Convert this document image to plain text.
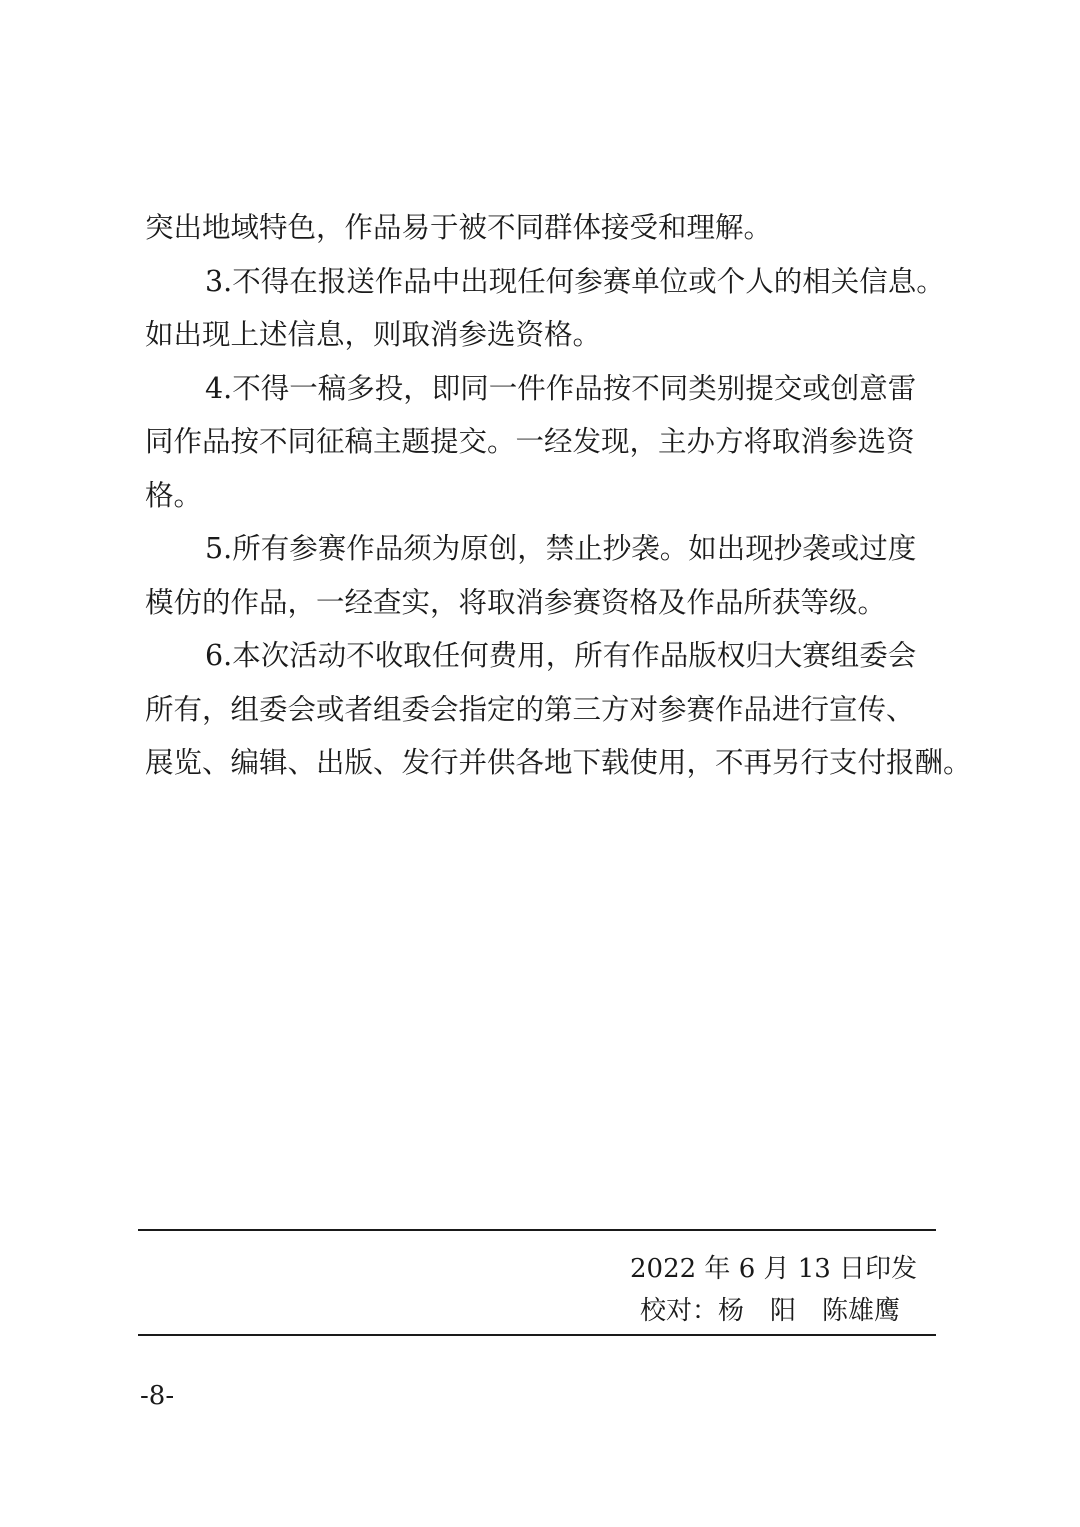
突出地域特色，作品易于被不同群体接受和理解。
3.不得在报送作品中出现任何参赛单位或个人的相关信息。
如出现上述信息，则取消参选资格。
4.不得一稿多投，即同一件作品按不同类别提交或创意雷
同作品按不同征稿主题提交。一经发现，主办方将取消参选资
格。
5.所有参赛作品须为原创，禁止抄袭。如出现抄袭或过度
模仿的作品，一经查实，将取消参赛资格及作品所获等级。
6.本次活动不收取任何费用，所有作品版权归大赛组委会
所有，组委会或者组委会指定的第三方对参赛作品进行宣传、
展览、编辑、出版、发行并供各地下载使用，不再另行支付报酬。
2022 年 6 月 13 日印发
校对：杨　阳　陈雄鹰
-8-
